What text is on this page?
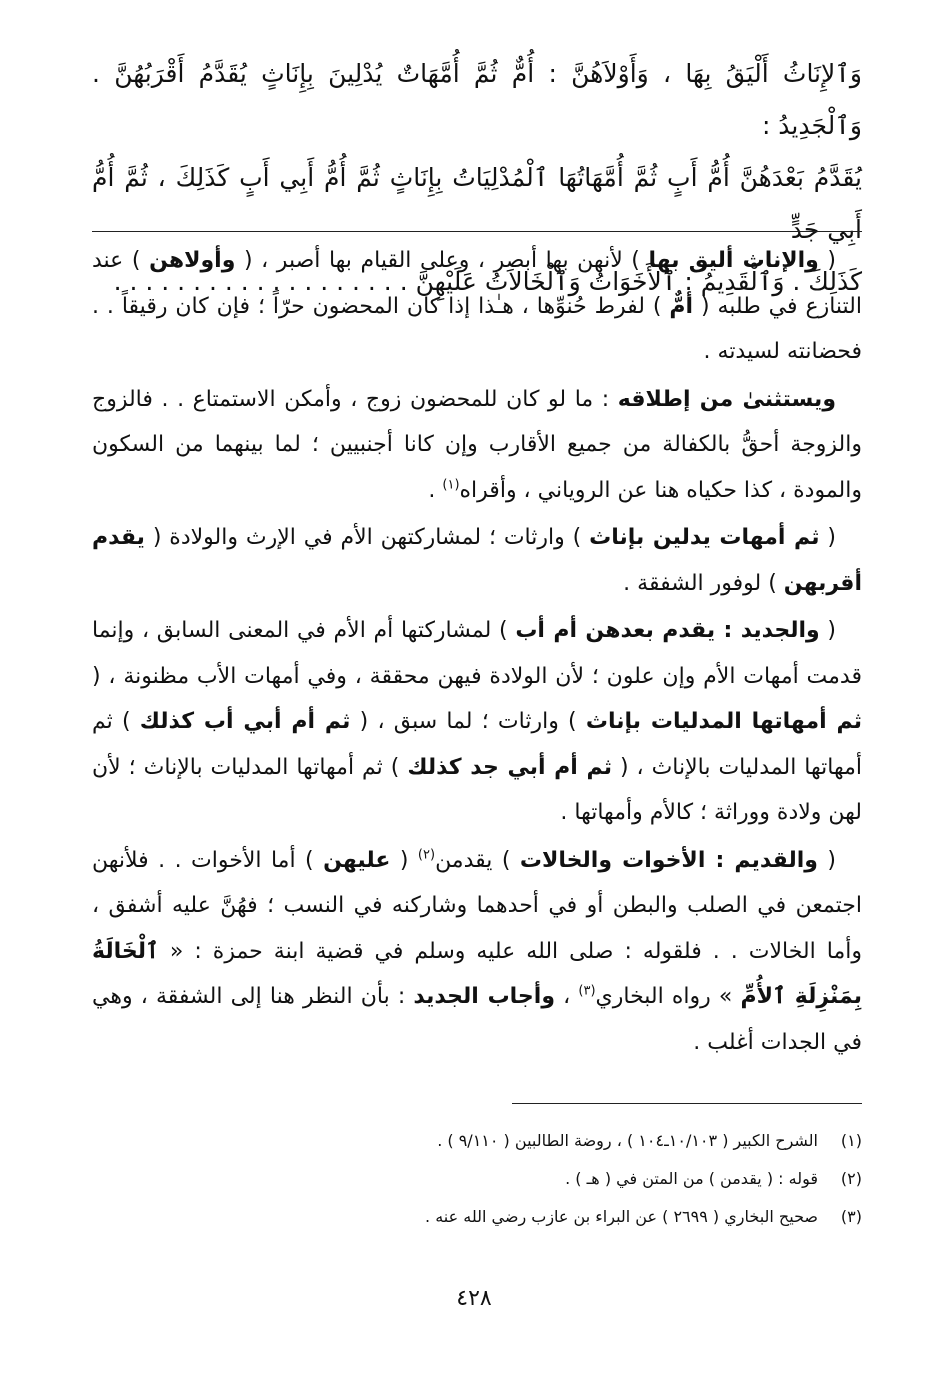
وَٱلإِنَاثُ أَلْيَقُ بِهَا ، وَأَوْلاَهُنَّ : أُمٌّ ثُمَّ أُمَّهَاتٌ يُدْلِينَ بِإِنَاثٍ يُقَدَّمُ أَقْرَبُهُنَّ . وَٱلْجَدِيدُ :

يُقَدَّمُ بَعْدَهُنَّ أُمُّ أَبٍ ثُمَّ أُمَّهَاتُهَا ٱلْمُدْلِيَاتُ بِإِنَاثٍ ثُمَّ أُمُّ أَبِي أَبٍ كَذَلِكَ ، ثُمَّ أُمُّ أَبِي جَدٍّ

كَذَلِكَ . وَٱلْقَدِيمُ : ٱلأَخَوَاتُ وَٱلْخَالاَتُ عَلَيْهِنَّ . . . . . . . . . . . . . . . . . . .

( والإناث أليق بها ) لأنهن بها أبصر ، وعلى القيام بها أصبر ، ( وأولاهن ) عند التنازع في طلبه ( أمٌّ ) لفرط حُنوِّها ، هـٰذا إذا كان المحضون حرّاً ؛ فإن كان رقيقاً . . فحضانته لسيدته .

ويستثنىٰ من إطلاقه : ما لو كان للمحضون زوج ، وأمكن الاستمتاع . . فالزوج والزوجة أحقُّ بالكفالة من جميع الأقارب وإن كانا أجنبيين ؛ لما بينهما من السكون والمودة ، كذا حكياه هنا عن الروياني ، وأقراه$^{(١)}$ .

( ثم أمهات يدلين بإناث ) وارثات ؛ لمشاركتهن الأم في الإرث والولادة ( يقدم أقربهن ) لوفور الشفقة .

( والجديد : يقدم بعدهن أم أب ) لمشاركتها أم الأم في المعنى السابق ، وإنما قدمت أمهات الأم وإن علون ؛ لأن الولادة فيهن محققة ، وفي أمهات الأب مظنونة ، ( ثم أمهاتها المدليات بإناث ) وارثات ؛ لما سبق ، ( ثم أم أبي أب كذلك ) ثم أمهاتها المدليات بالإناث ، ( ثم أم أبي جد كذلك ) ثم أمهاتها المدليات بالإناث ؛ لأن لهن ولادة ووراثة ؛ كالأم وأمهاتها .

( والقديم : الأخوات والخالات ) يقدمن$^{(٢)}$ ( عليهن ) أما الأخوات . . فلأنهن اجتمعن في الصلب والبطن أو في أحدهما وشاركنه في النسب ؛ فهُنَّ عليه أشفق ، وأما الخالات . . فلقوله : صلى الله عليه وسلم في قضية ابنة حمزة : « ٱلْخَالَةُ بِمَنْزِلَةِ ٱلأُمِّ » رواه البخاري$^{(٣)}$ ، وأجاب الجديد : بأن النظر هنا إلى الشفقة ، وهي في الجدات أغلب .

(١)
الشرح الكبير ( ١٠/١٠٣ـ١٠٤ ) ، روضة الطالبين ( ٩/١١٠ ) .

(٢)
قوله : ( يقدمن ) من المتن في ( هـ ) .

(٣)
صحيح البخاري ( ٢٦٩٩ ) عن البراء بن عازب رضي الله عنه .

٤٢٨
